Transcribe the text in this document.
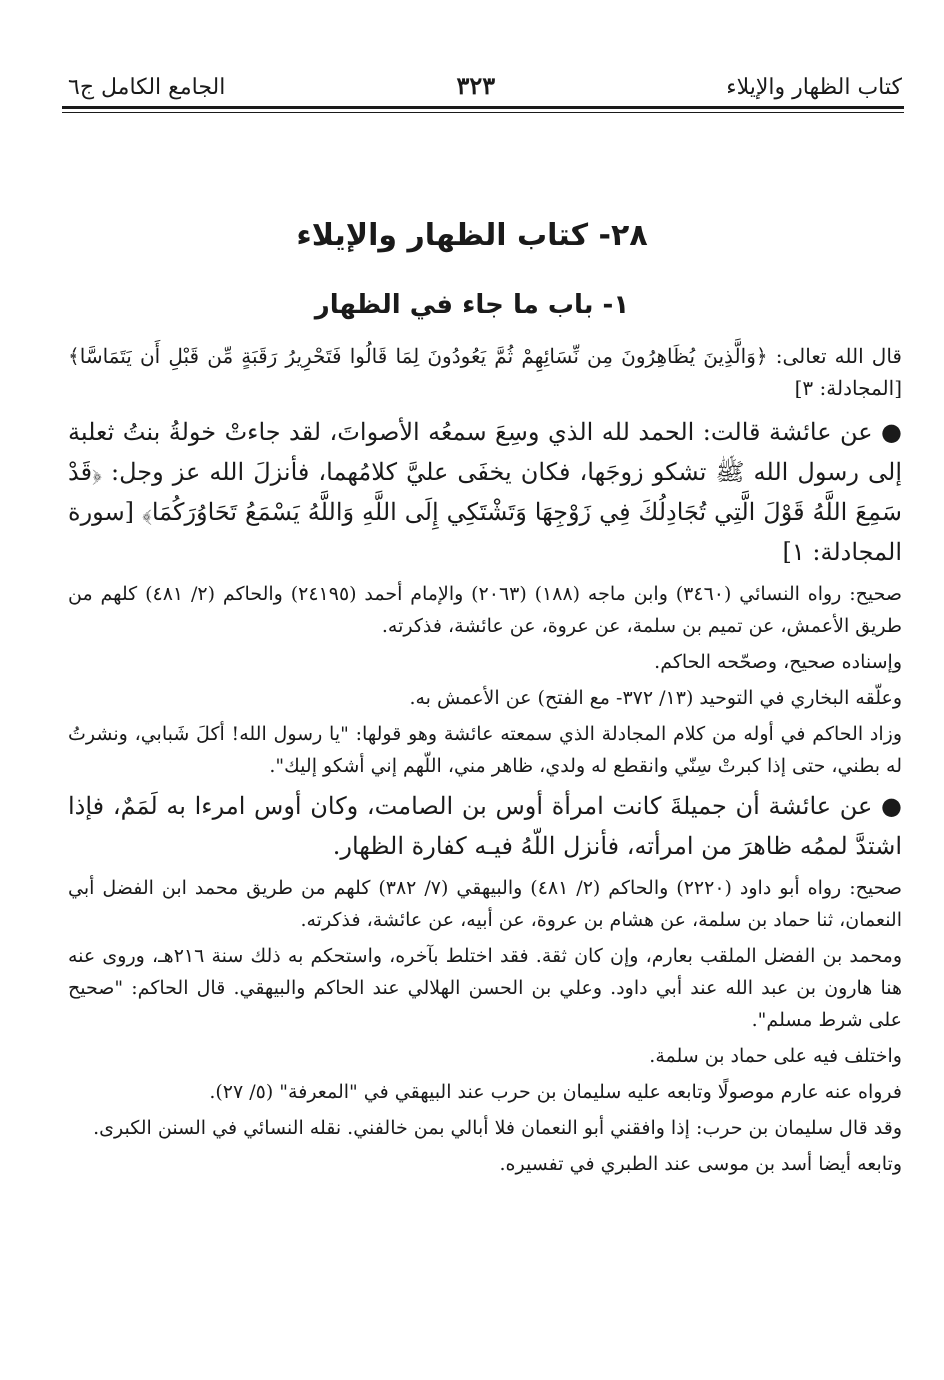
كتاب الظهار والإيلاء
٣٢٣
الجامع الكامل ج٦
٢٨- كتاب الظهار والإيلاء
١- باب ما جاء في الظهار

قال الله تعالى: ﴿وَالَّذِينَ يُظَاهِرُونَ مِن نِّسَائِهِمْ ثُمَّ يَعُودُونَ لِمَا قَالُوا فَتَحْرِيرُ رَقَبَةٍ مِّن قَبْلِ أَن يَتَمَاسَّا﴾ [المجادلة: ٣]

● عن عائشة قالت: الحمد لله الذي وسِعَ سمعُه الأصواتَ، لقد جاءتْ خولةُ بنتُ ثعلبة إلى رسول الله ﷺ تشكو زوجَها، فكان يخفَى عليَّ كلامُهما، فأنزلَ الله عز وجل: ﴿قَدْ سَمِعَ اللَّهُ قَوْلَ الَّتِي تُجَادِلُكَ فِي زَوْجِهَا وَتَشْتَكِي إِلَى اللَّهِ وَاللَّهُ يَسْمَعُ تَحَاوُرَكُمَا﴾ [سورة المجادلة: ١]

صحيح: رواه النسائي (٣٤٦٠) وابن ماجه (١٨٨) (٢٠٦٣) والإمام أحمد (٢٤١٩٥) والحاكم (٢/ ٤٨١) كلهم من طريق الأعمش، عن تميم بن سلمة، عن عروة، عن عائشة، فذكرته.

وإسناده صحيح، وصحّحه الحاكم.

وعلّقه البخاري في التوحيد (١٣/ ٣٧٢- مع الفتح) عن الأعمش به.

وزاد الحاكم في أوله من كلام المجادلة الذي سمعته عائشة وهو قولها: "يا رسول الله! أكلَ شَبابي، ونشرتُ له بطني، حتى إذا كبرتْ سِنّي وانقطع له ولدي، ظاهر مني، اللّهم إني أشكو إليك".

● عن عائشة أن جميلةَ كانت امرأة أوس بن الصامت، وكان أوس امرءا به لَمَمٌ، فإذا اشتدَّ لممُه ظاهرَ من امرأته، فأنزل اللّهُ فيـه كفارة الظهار.

صحيح: رواه أبو داود (٢٢٢٠) والحاكم (٢/ ٤٨١) والبيهقي (٧/ ٣٨٢) كلهم من طريق محمد ابن الفضل أبي النعمان، ثنا حماد بن سلمة، عن هشام بن عروة، عن أبيه، عن عائشة، فذكرته.

ومحمد بن الفضل الملقب بعارم، وإن كان ثقة. فقد اختلط بآخره، واستحكم به ذلك سنة ٢١٦هـ، وروى عنه هنا هارون بن عبد الله عند أبي داود. وعلي بن الحسن الهلالي عند الحاكم والبيهقي. قال الحاكم: "صحيح على شرط مسلم".

واختلف فيه على حماد بن سلمة.

فرواه عنه عارم موصولًا وتابعه عليه سليمان بن حرب عند البيهقي في "المعرفة" (٥/ ٢٧).

وقد قال سليمان بن حرب: إذا وافقني أبو النعمان فلا أبالي بمن خالفني. نقله النسائي في السنن الكبرى.

وتابعه أيضا أسد بن موسى عند الطبري في تفسيره.
